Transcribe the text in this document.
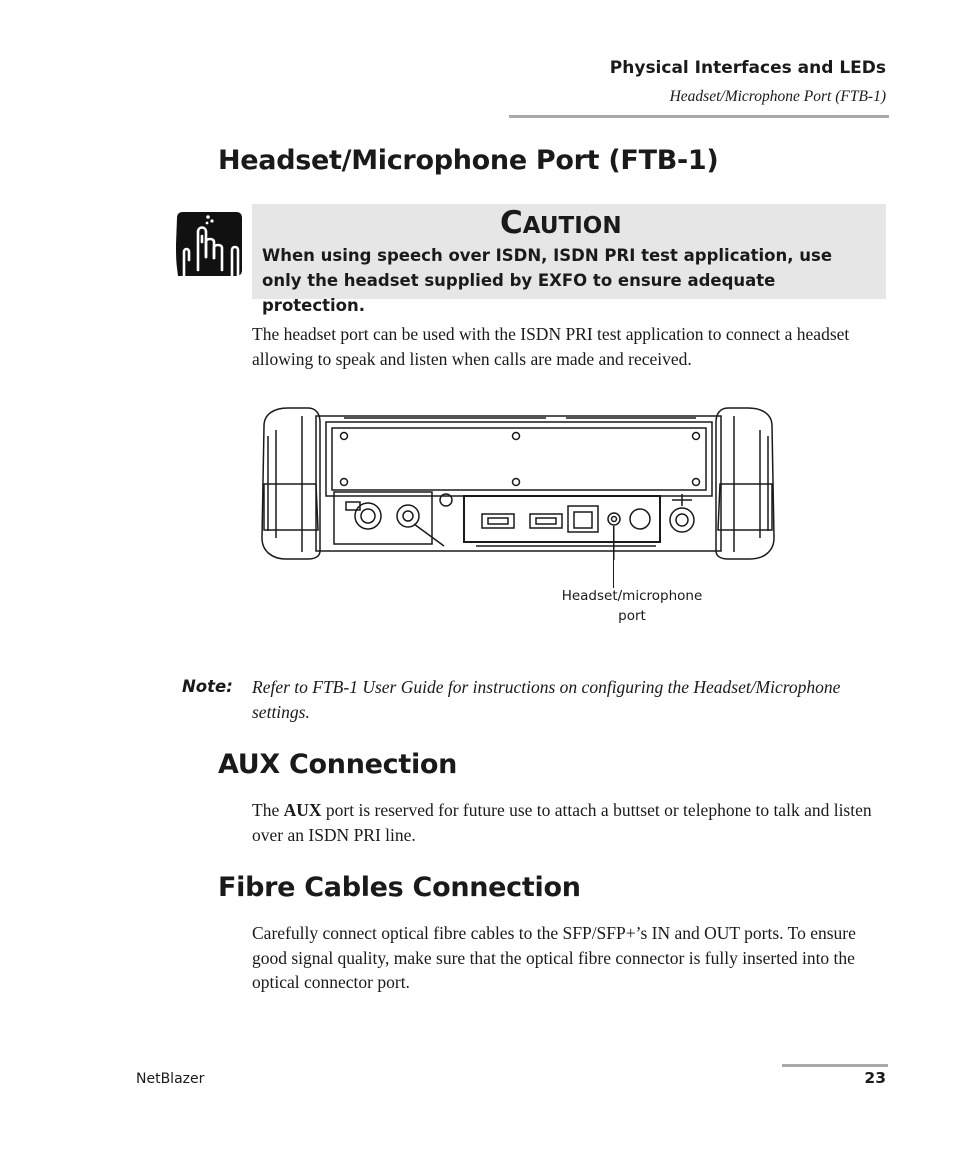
Physical Interfaces and LEDs
Headset/Microphone Port (FTB-1)
Headset/Microphone Port (FTB-1)
CAUTION
When using speech over ISDN, ISDN PRI test application, use only the headset supplied by EXFO to ensure adequate protection.
The headset port can be used with the ISDN PRI test application to connect a headset allowing to speak and listen when calls are made and received.
Headset/microphone
port
Note: Refer to FTB-1 User Guide for instructions on configuring the Headset/Microphone settings.
AUX Connection
The AUX port is reserved for future use to attach a buttset or telephone to talk and listen over an ISDN PRI line.
Fibre Cables Connection
Carefully connect optical fibre cables to the SFP/SFP+’s IN and OUT ports. To ensure good signal quality, make sure that the optical fibre connector is fully inserted into the optical connector port.
NetBlazer	23
